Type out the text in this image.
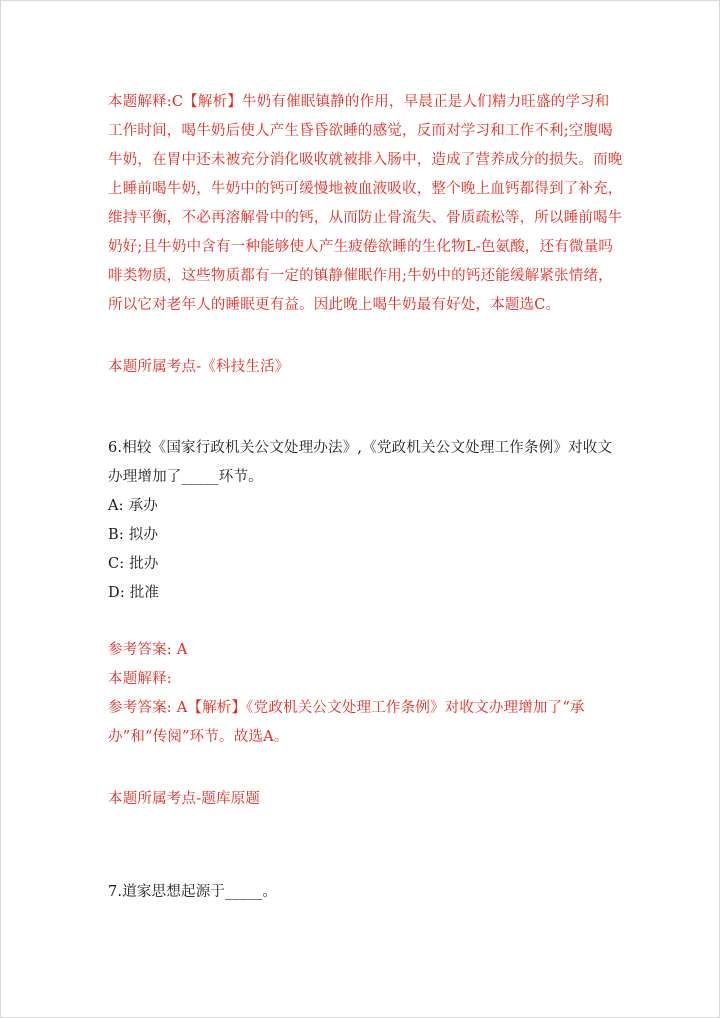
本题解释:C【解析】牛奶有催眠镇静的作用，早晨正是人们精力旺盛的学习和工作时间，喝牛奶后使人产生昏昏欲睡的感觉，反而对学习和工作不利;空腹喝牛奶，在胃中还未被充分消化吸收就被排入肠中，造成了营养成分的损失。而晚上睡前喝牛奶，牛奶中的钙可缓慢地被血液吸收，整个晚上血钙都得到了补充，维持平衡，不必再溶解骨中的钙，从而防止骨流失、骨质疏松等，所以睡前喝牛奶好;且牛奶中含有一种能够使人产生疲倦欲睡的生化物L-色氨酸，还有微量吗啡类物质，这些物质都有一定的镇静催眠作用;牛奶中的钙还能缓解紧张情绪，所以它对老年人的睡眠更有益。因此晚上喝牛奶最有好处，本题选C。

本题所属考点-《科技生活》

6.相较《国家行政机关公文处理办法》,《党政机关公文处理工作条例》对收文办理增加了_____环节。

A: 承办

B: 拟办

C: 批办

D: 批准

参考答案: A

本题解释:

参考答案: A【解析】《党政机关公文处理工作条例》对收文办理增加了“承办”和“传阅”环节。故选A。

本题所属考点-题库原题

7.道家思想起源于_____。
